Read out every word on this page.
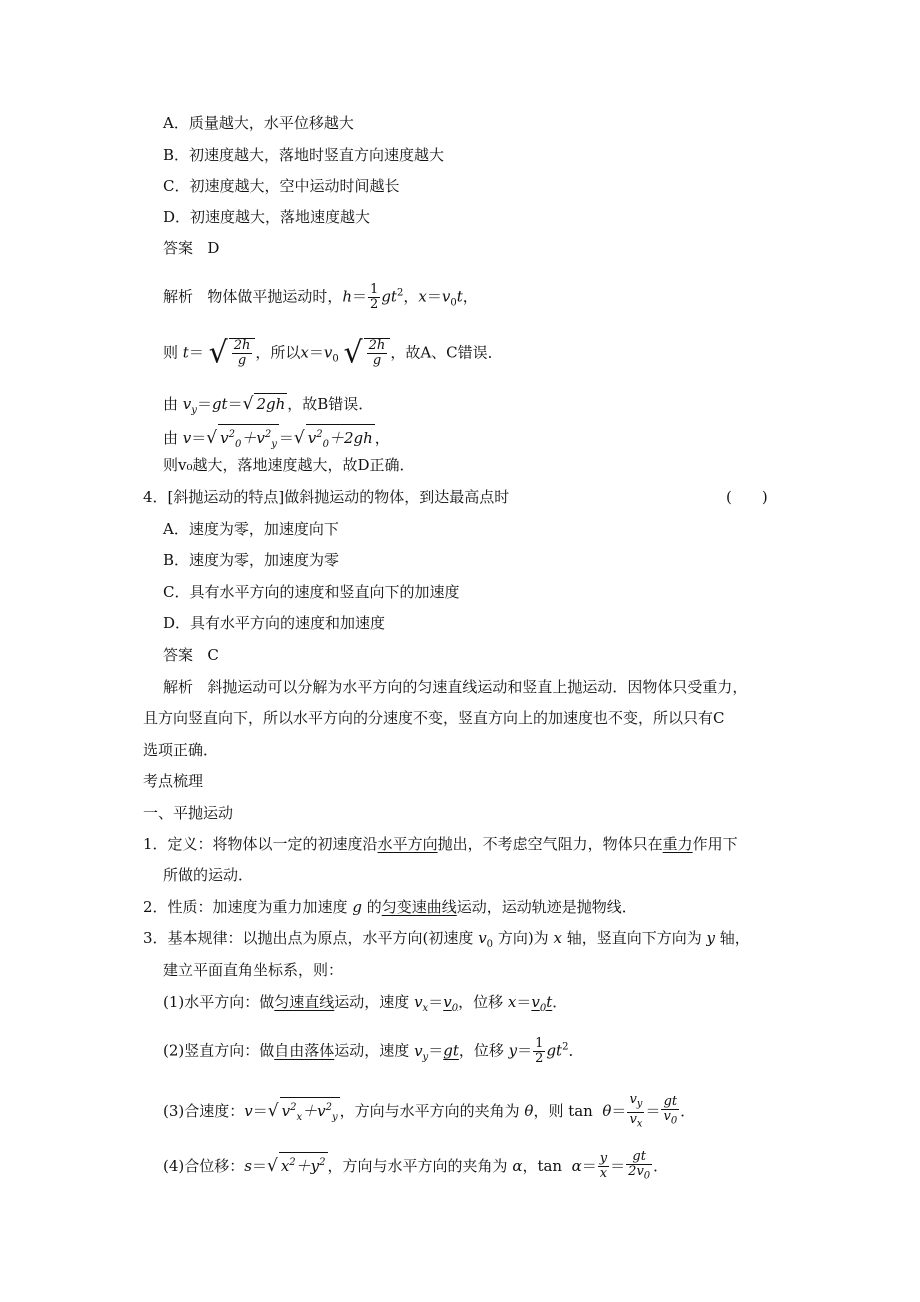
A．质量越大，水平位移越大
B．初速度越大，落地时竖直方向速度越大
C．初速度越大，空中运动时间越长
D．初速度越大，落地速度越大
答案 D
解析 物体做平抛运动时，$h= \frac{1}{2} gt^2$，$x=v_0t$，
则 t＝ √ $\frac{2h}{g}$ ，所以$x=v_0$ √ $\frac{2h}{g}$ ，故A、C错误．
由 $v_y=gt=√$ 2gh ，故B错误．
由 v＝√ $v^2_0+v^2_y$ ＝√ $v^2_0+2gh$ ，
则v₀越大，落地速度越大，故D正确．
4．[斜抛运动的特点]做斜抛运动的物体，到达最高点时	(　　)
A．速度为零，加速度向下
B．速度为零，加速度为零
C．具有水平方向的速度和竖直向下的加速度
D．具有水平方向的速度和加速度
答案 C
解析 斜抛运动可以分解为水平方向的匀速直线运动和竖直上抛运动．因物体只受重力，
且方向竖直向下，所以水平方向的分速度不变，竖直方向上的加速度也不变，所以只有C
选项正确．
考点梳理
一、平抛运动
1．定义：将物体以一定的初速度沿水平方向抛出，不考虑空气阻力，物体只在重力作用下
所做的运动．
2．性质：加速度为重力加速度 g 的匀变速曲线运动，运动轨迹是抛物线．
3．基本规律：以抛出点为原点，水平方向(初速度 $v_0$ 方向)为 x 轴，竖直向下方向为 y 轴，
建立平面直角坐标系，则：
(1)水平方向：做匀速直线运动，速度 $v_x=v_0$，位移 $x=v_0t$．
(2)竖直方向：做自由落体运动，速度 $v_y=gt$，位移 $y= \frac{1}{2} gt^2$．
(3)合速度：v＝√ $v^2_x+v^2_y$ ，方向与水平方向的夹角为 θ，则 $\tan \theta= \frac{v_y}{v_x} = \frac{gt}{v_0}$ ．
(4)合位移：s＝√ $x^2+y^2$ ，方向与水平方向的夹角为 α，$\tan \alpha= \frac{y}{x} = \frac{gt}{2v_0}$ ．
